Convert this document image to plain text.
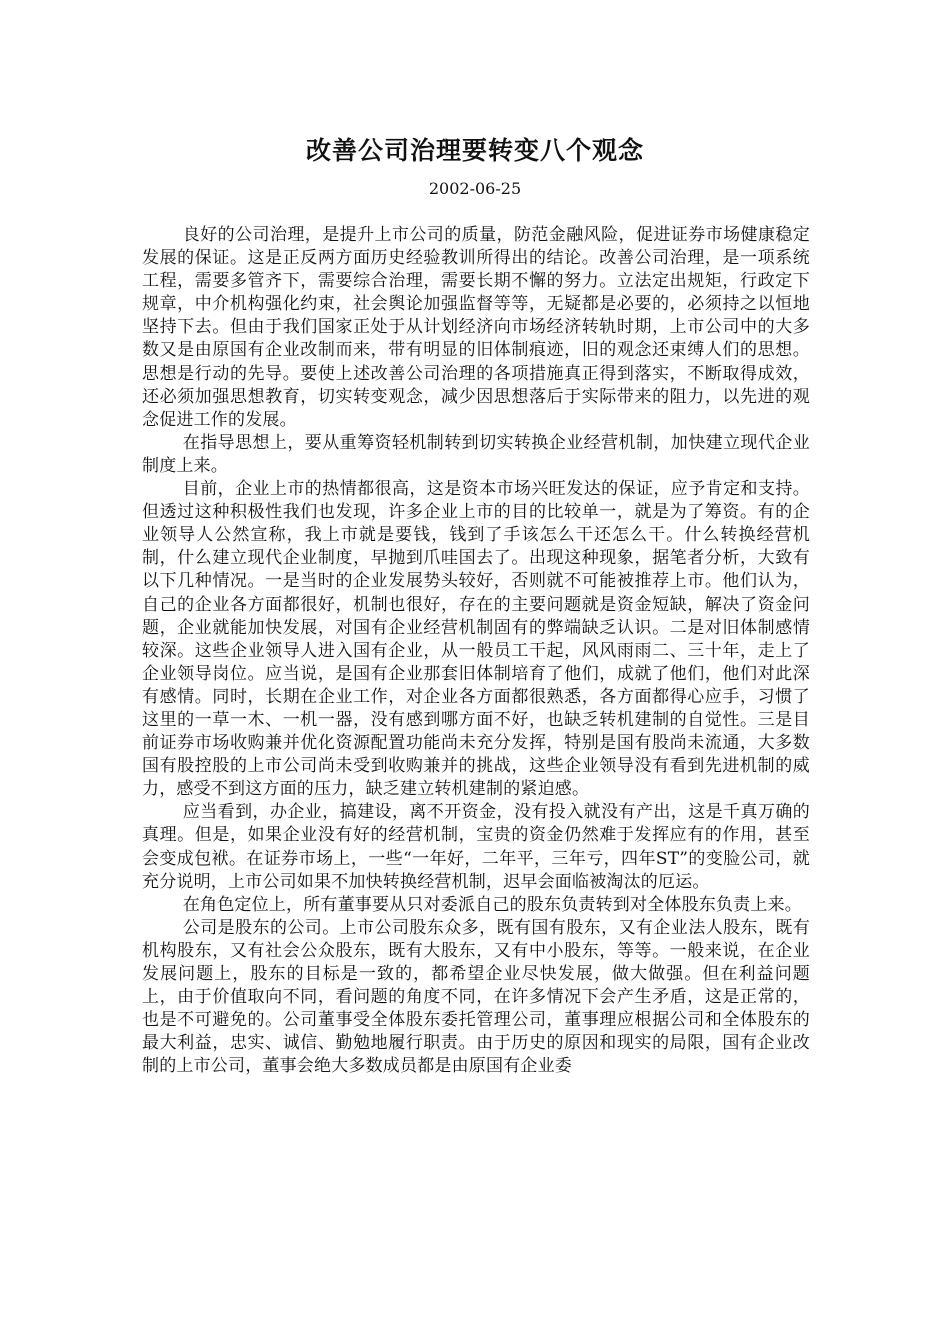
改善公司治理要转变八个观念
2002-06-25

良好的公司治理，是提升上市公司的质量，防范金融风险，促进证券市场健康稳定发展的保证。这是正反两方面历史经验教训所得出的结论。改善公司治理，是一项系统工程，需要多管齐下，需要综合治理，需要长期不懈的努力。立法定出规矩，行政定下规章，中介机构强化约束，社会舆论加强监督等等，无疑都是必要的，必须持之以恒地坚持下去。但由于我们国家正处于从计划经济向市场经济转轨时期，上市公司中的大多数又是由原国有企业改制而来，带有明显的旧体制痕迹，旧的观念还束缚人们的思想。思想是行动的先导。要使上述改善公司治理的各项措施真正得到落实，不断取得成效，还必须加强思想教育，切实转变观念，减少因思想落后于实际带来的阻力，以先进的观念促进工作的发展。

在指导思想上，要从重筹资轻机制转到切实转换企业经营机制，加快建立现代企业制度上来。

目前，企业上市的热情都很高，这是资本市场兴旺发达的保证，应予肯定和支持。但透过这种积极性我们也发现，许多企业上市的目的比较单一，就是为了筹资。有的企业领导人公然宣称，我上市就是要钱，钱到了手该怎么干还怎么干。什么转换经营机制，什么建立现代企业制度，早抛到爪哇国去了。出现这种现象，据笔者分析，大致有以下几种情况。一是当时的企业发展势头较好，否则就不可能被推荐上市。他们认为，自己的企业各方面都很好，机制也很好，存在的主要问题就是资金短缺，解决了资金问题，企业就能加快发展，对国有企业经营机制固有的弊端缺乏认识。二是对旧体制感情较深。这些企业领导人进入国有企业，从一般员工干起，风风雨雨二、三十年，走上了企业领导岗位。应当说，是国有企业那套旧体制培育了他们，成就了他们，他们对此深有感情。同时，长期在企业工作，对企业各方面都很熟悉，各方面都得心应手，习惯了这里的一草一木、一机一器，没有感到哪方面不好，也缺乏转机建制的自觉性。三是目前证券市场收购兼并优化资源配置功能尚未充分发挥，特别是国有股尚未流通，大多数国有股控股的上市公司尚未受到收购兼并的挑战，这些企业领导没有看到先进机制的威力，感受不到这方面的压力，缺乏建立转机建制的紧迫感。

应当看到，办企业，搞建设，离不开资金，没有投入就没有产出，这是千真万确的真理。但是，如果企业没有好的经营机制，宝贵的资金仍然难于发挥应有的作用，甚至会变成包袱。在证券市场上，一些“一年好，二年平，三年亏，四年ST”的变脸公司，就充分说明，上市公司如果不加快转换经营机制，迟早会面临被淘汰的厄运。

在角色定位上，所有董事要从只对委派自己的股东负责转到对全体股东负责上来。

公司是股东的公司。上市公司股东众多，既有国有股东，又有企业法人股东，既有机构股东，又有社会公众股东，既有大股东，又有中小股东，等等。一般来说，在企业发展问题上，股东的目标是一致的，都希望企业尽快发展，做大做强。但在利益问题上，由于价值取向不同，看问题的角度不同，在许多情况下会产生矛盾，这是正常的，也是不可避免的。公司董事受全体股东委托管理公司，董事理应根据公司和全体股东的最大利益，忠实、诚信、勤勉地履行职责。由于历史的原因和现实的局限，国有企业改制的上市公司，董事会绝大多数成员都是由原国有企业委
